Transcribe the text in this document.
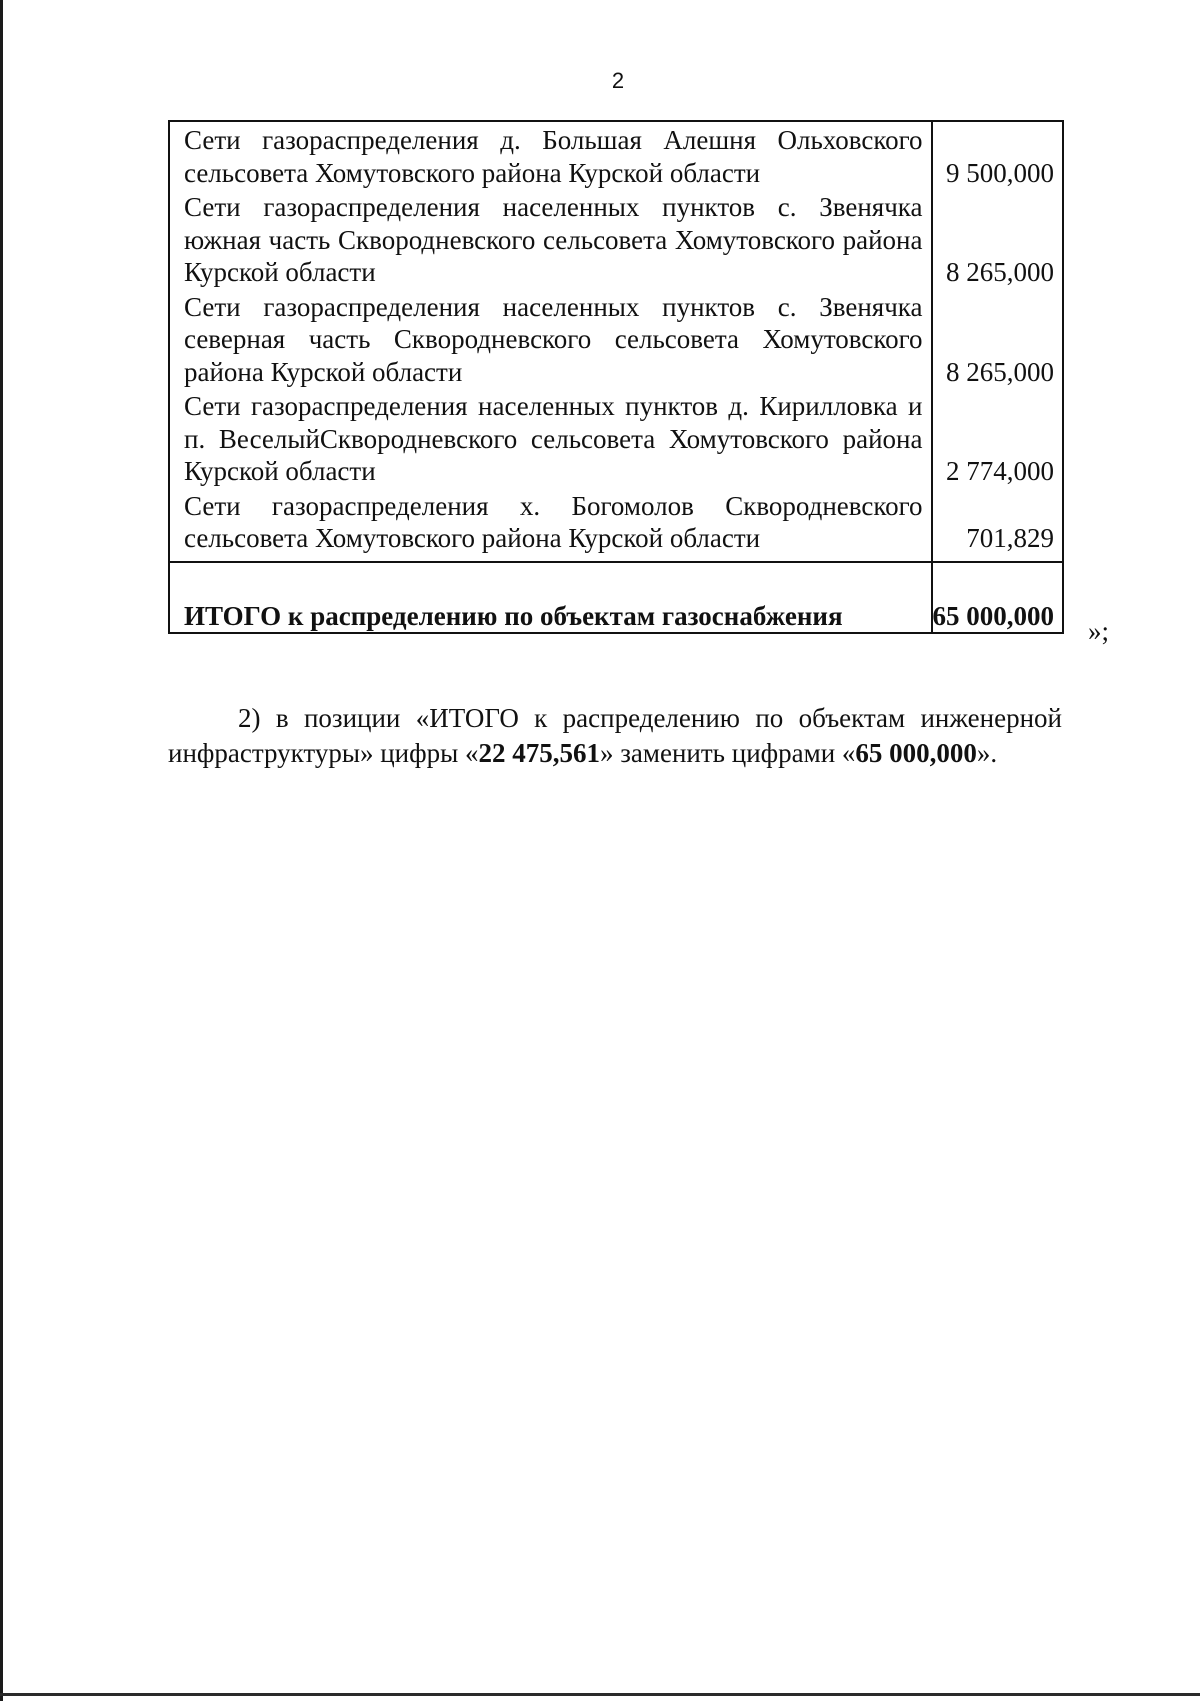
2
Сети газораспределения д. Большая Алешня Ольховского сельсовета Хомутовского района Курской области	9 500,000

Сети газораспределения населенных пунктов с. Звенячка южная часть Сквородневского сельсовета Хомутовского района Курской области	8 265,000

Сети газораспределения населенных пунктов с. Звенячка северная часть Сквородневского сельсовета Хомутовского района Курской области	8 265,000

Сети газораспределения населенных пунктов д. Кирилловка и п. ВеселыйСквородневского сельсовета Хомутовского района Курской области	2 774,000

Сети газораспределения х. Богомолов Сквородневского сельсовета Хомутовского района Курской области	701,829
ИТОГО к распределению по объектам газоснабжения	65 000,000
»;

2) в позиции «ИТОГО к распределению по объектам инженерной инфраструктуры» цифры «22 475,561» заменить цифрами «65 000,000».
